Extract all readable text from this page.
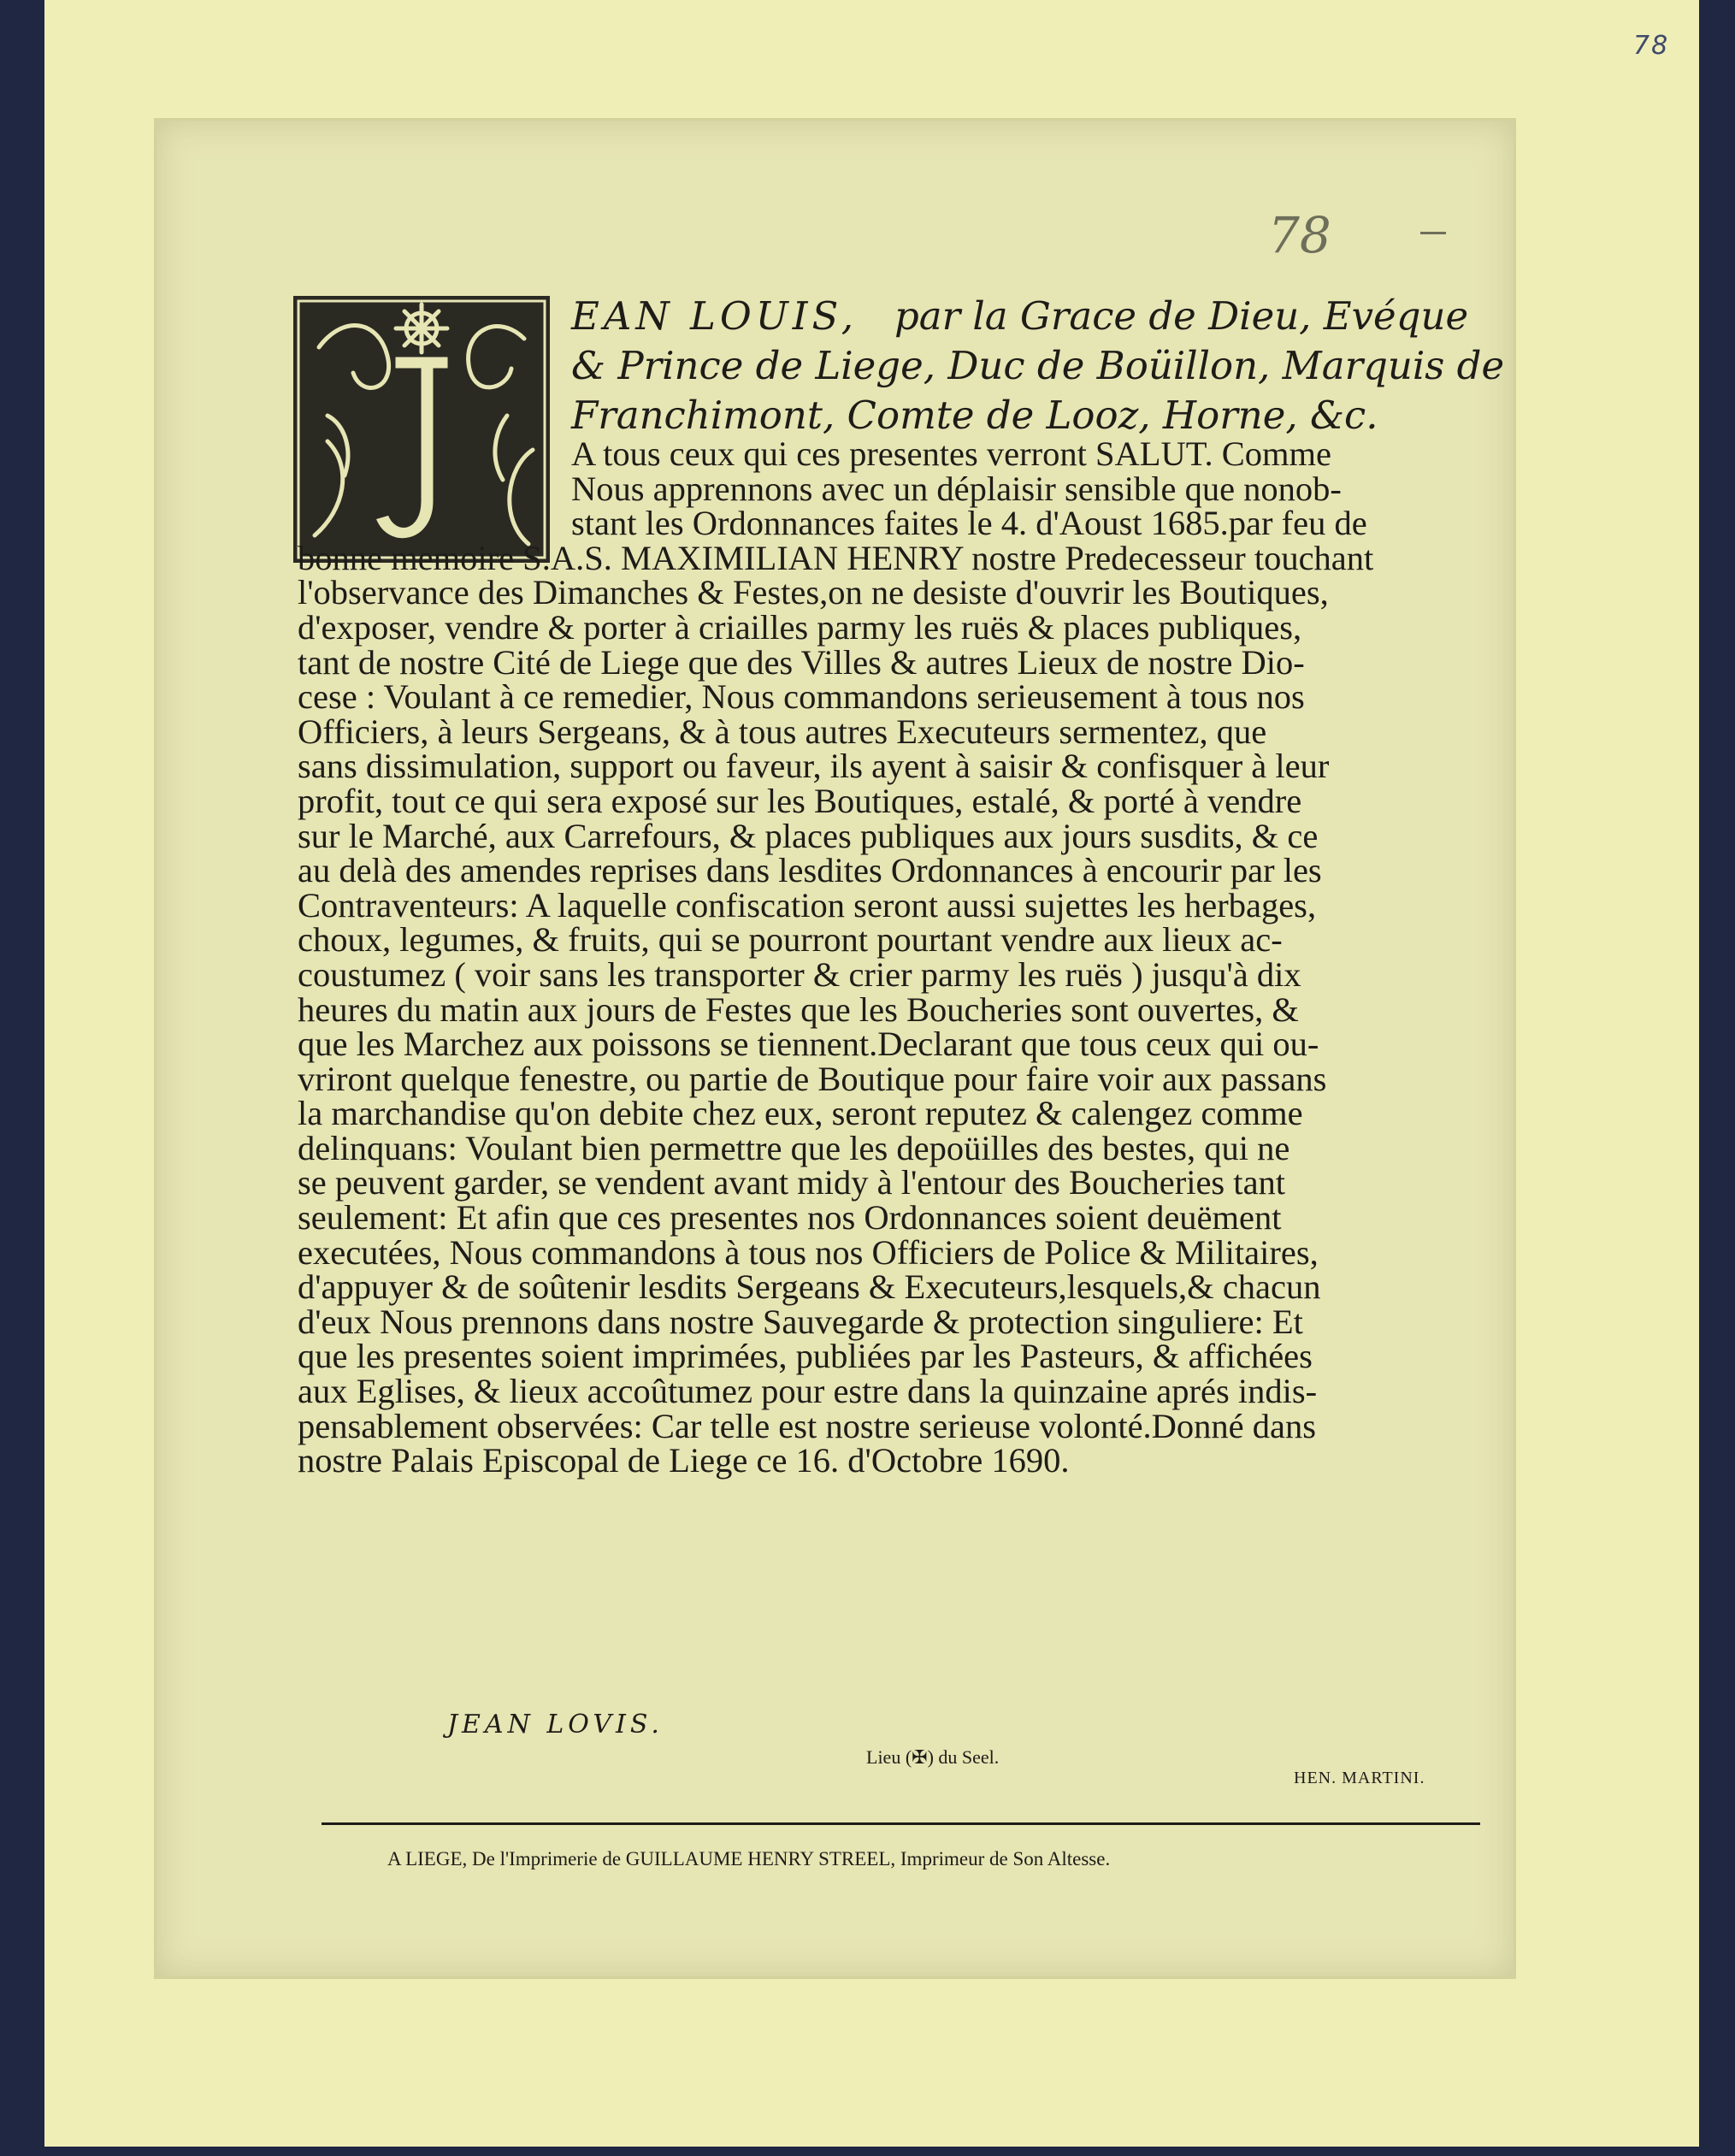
78
78
EAN LOUIS, par la Grace de Dieu, Evéque
& Prince de Liege, Duc de Boüillon, Marquis de
Franchimont, Comte de Looz, Horne, &c.

A tous ceux qui ces presentes verront SALUT. Comme

Nous apprennons avec un déplaisir sensible que nonob-

stant les Ordonnances faites le 4. d'Aoust 1685.par feu de

bonne memoire S.A.S. MAXIMILIAN HENRY nostre Predecesseur touchant

l'observance des Dimanches & Festes,on ne desiste d'ouvrir les Boutiques,

d'exposer, vendre & porter à criailles parmy les ruës & places publiques,

tant de nostre Cité de Liege que des Villes & autres Lieux de nostre Dio-

cese : Voulant à ce remedier, Nous commandons serieusement à tous nos

Officiers, à leurs Sergeans, & à tous autres Executeurs sermentez, que

sans dissimulation, support ou faveur, ils ayent à saisir & confisquer à leur

profit, tout ce qui sera exposé sur les Boutiques, estalé, & porté à vendre

sur le Marché, aux Carrefours, & places publiques aux jours susdits, & ce

au delà des amendes reprises dans lesdites Ordonnances à encourir par les

Contraventeurs: A laquelle confiscation seront aussi sujettes les herbages,

choux, legumes, & fruits, qui se pourront pourtant vendre aux lieux ac-

coustumez ( voir sans les transporter & crier parmy les ruës ) jusqu'à dix

heures du matin aux jours de Festes que les Boucheries sont ouvertes, &

que les Marchez aux poissons se tiennent.Declarant que tous ceux qui ou-

vriront quelque fenestre, ou partie de Boutique pour faire voir aux passans

la marchandise qu'on debite chez eux, seront reputez & calengez comme

delinquans: Voulant bien permettre que les depoüilles des bestes, qui ne

se peuvent garder, se vendent avant midy à l'entour des Boucheries tant

seulement: Et afin que ces presentes nos Ordonnances soient deuëment

executées, Nous commandons à tous nos Officiers de Police & Militaires,

d'appuyer & de soûtenir lesdits Sergeans & Executeurs,lesquels,& chacun

d'eux Nous prennons dans nostre Sauvegarde & protection singuliere: Et

que les presentes soient imprimées, publiées par les Pasteurs, & affichées

aux Eglises, & lieux accoûtumez pour estre dans la quinzaine aprés indis-

pensablement observées: Car telle est nostre serieuse volonté.Donné dans

nostre Palais Episcopal de Liege ce 16. d'Octobre 1690.

JEAN LOVIS.
Lieu (✠) du Seel.
HEN. MARTINI.
A LIEGE, De l'Imprimerie de GUILLAUME HENRY STREEL, Imprimeur de Son Altesse.
